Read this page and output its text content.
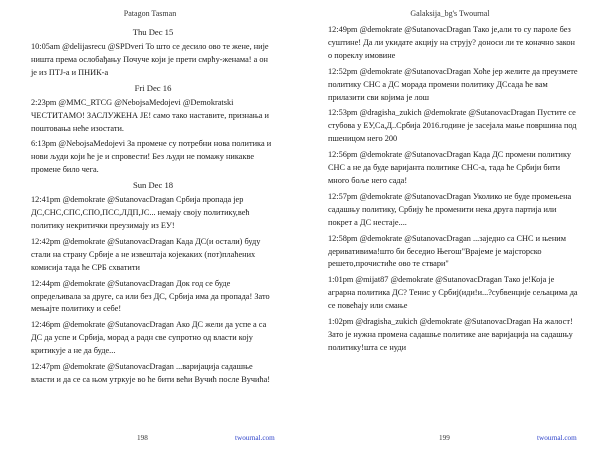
Patagon Tasman
Thu Dec 15
10:05am @delijasrecu @SPDveri То што се десило ово те жене, није ништа према ослобађању Почуче који је прети смрћу-женама! а он је из ПТЈ-а и ПНИК-а
Fri Dec 16
2:23pm @MMC_RTCG @NebojsaMedojevi @Demokratski ЧЕСТИТАМО! ЗАСЛУЖЕНА ЈЕ! само тако наставите, признања и поштовања неће изостати.
6:13pm @NebojsaMedojevi За промене су потребни нова политика и нови људи који ће је и спровести! Без људи не помажу никакве промене било чега.
Sun Dec 18
12:41pm @demokrate @SutanovacDragan Србија пропада јер ДС,СНС,СПС,СПО,ПСС,ЛДП,ЈС... немају своју политику,већ политику некритички преузимају из ЕУ!
12:42pm @demokrate @SutanovacDragan Када ДС(и остали) буду стали на страну Србије а не извештаја којекаких (пот)плаћених комисија тада ће СРБ схватити
12:44pm @demokrate @SutanovacDragan Док год се буде опредељивала за друге, са или без ДС, Србија има да пропада! Зато мењајте политику и себе!
12:46pm @demokrate @SutanovacDragan Ако ДС жели да успе а са ДС да успе и Србија, морад а радн све супротно од власти коју критикује а не да буде...
12:47pm @demokrate @SutanovacDragan ...варијација садашње власти и да се са њом утркује во ће бити већи Вучић после Вучића!
198	twournal.com
Galaksija_bg's Twournal
12:49pm @demokrate @SutanovacDragan Тако је,али то су пароле без суштине! Да ли укидате акцију на струју? доноси ли те коначно закон о пореклу имовине
12:52pm @demokrate @SutanovacDragan Хоће јер желите да преузмете политику СНС а ДС морада промени политику ДСсада ће вам прилазити сви којима је лош
12:53pm @dragisha_zukich @demokrate @SutanovacDragan Пустите се стубова у ЕУ,Са,Д..Србија 2016.године је засејала мање површина под пшеницом него 200
12:56pm @demokrate @SutanovacDragan Када ДС промени политику СНС а не да буде варијанта политике СНС-а, тада ће Србији бити много боље него сада!
12:57pm @demokrate @SutanovacDragan Уколико не буде промењена садашњу политику, Србију ће променити нека друга партија или покрет а ДС нестаје....
12:58pm @demokrate @SutanovacDragan ...заједно са СНС и њеним деривативима!што би беседио Његош"Врајеме је мајсторско решето,прочистиће ово те ствари"
1:01pm @mijat87 @demokrate @SutanovacDragan Тако је!Која је аграрна политика ДС? Тенис у Србиј(иди!и...?субвенције сељацима да се повећају или смање
1:02pm @dragisha_zukich @demokrate @SutanovacDragan На жалост!Зато је нужна промена садашње политике ане варијација на садашњу политику!шта се нуди
199	twournal.com
